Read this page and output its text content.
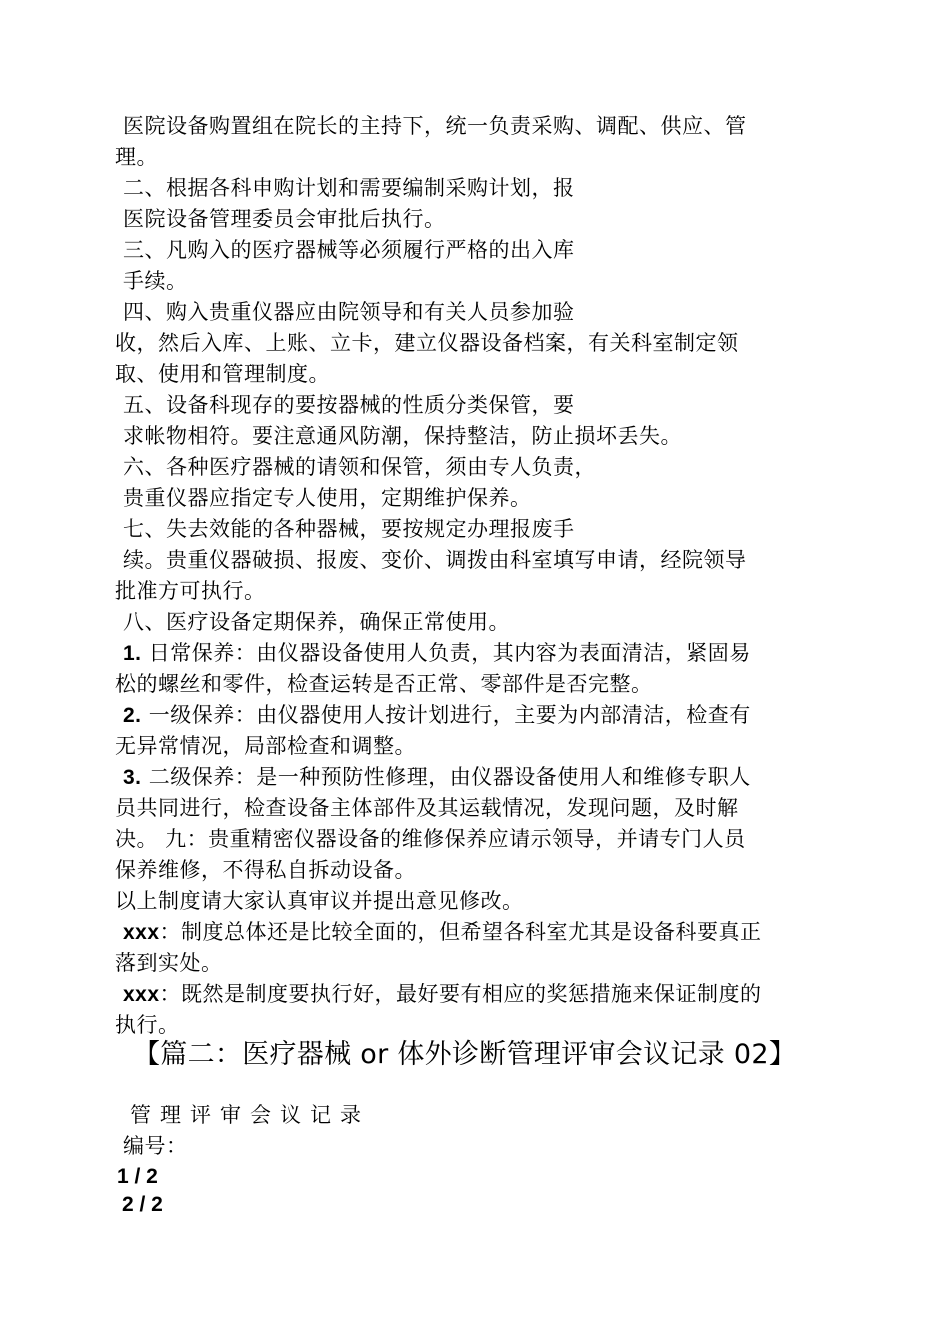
医院设备购置组在院长的主持下，统一负责采购、调配、供应、管
理。
二、根据各科申购计划和需要编制采购计划，报
医院设备管理委员会审批后执行。
三、凡购入的医疗器械等必须履行严格的出入库
手续。
四、购入贵重仪器应由院领导和有关人员参加验
收，然后入库、上账、立卡，建立仪器设备档案，有关科室制定领
取、使用和管理制度。
五、设备科现存的要按器械的性质分类保管，要
求帐物相符。要注意通风防潮，保持整洁，防止损坏丢失。
六、各种医疗器械的请领和保管，须由专人负责，
贵重仪器应指定专人使用，定期维护保养。
七、失去效能的各种器械，要按规定办理报废手
续。贵重仪器破损、报废、变价、调拨由科室填写申请，经院领导
批准方可执行。
八、医疗设备定期保养，确保正常使用。
1. 日常保养：由仪器设备使用人负责，其内容为表面清洁，紧固易
松的螺丝和零件，检查运转是否正常、零部件是否完整。
2. 一级保养：由仪器使用人按计划进行，主要为内部清洁，检查有
无异常情况，局部检查和调整。
3. 二级保养：是一种预防性修理，由仪器设备使用人和维修专职人
员共同进行，检查设备主体部件及其运载情况，发现问题，及时解
决。 九：贵重精密仪器设备的维修保养应请示领导，并请专门人员
保养维修，不得私自拆动设备。
以上制度请大家认真审议并提出意见修改。
xxx：制度总体还是比较全面的，但希望各科室尤其是设备科要真正
落到实处。
xxx：既然是制度要执行好，最好要有相应的奖惩措施来保证制度的
执行。
【篇二：医疗器械 or 体外诊断管理评审会议记录 02】
管理评审会议记录
编号：
1 / 2
2 / 2
